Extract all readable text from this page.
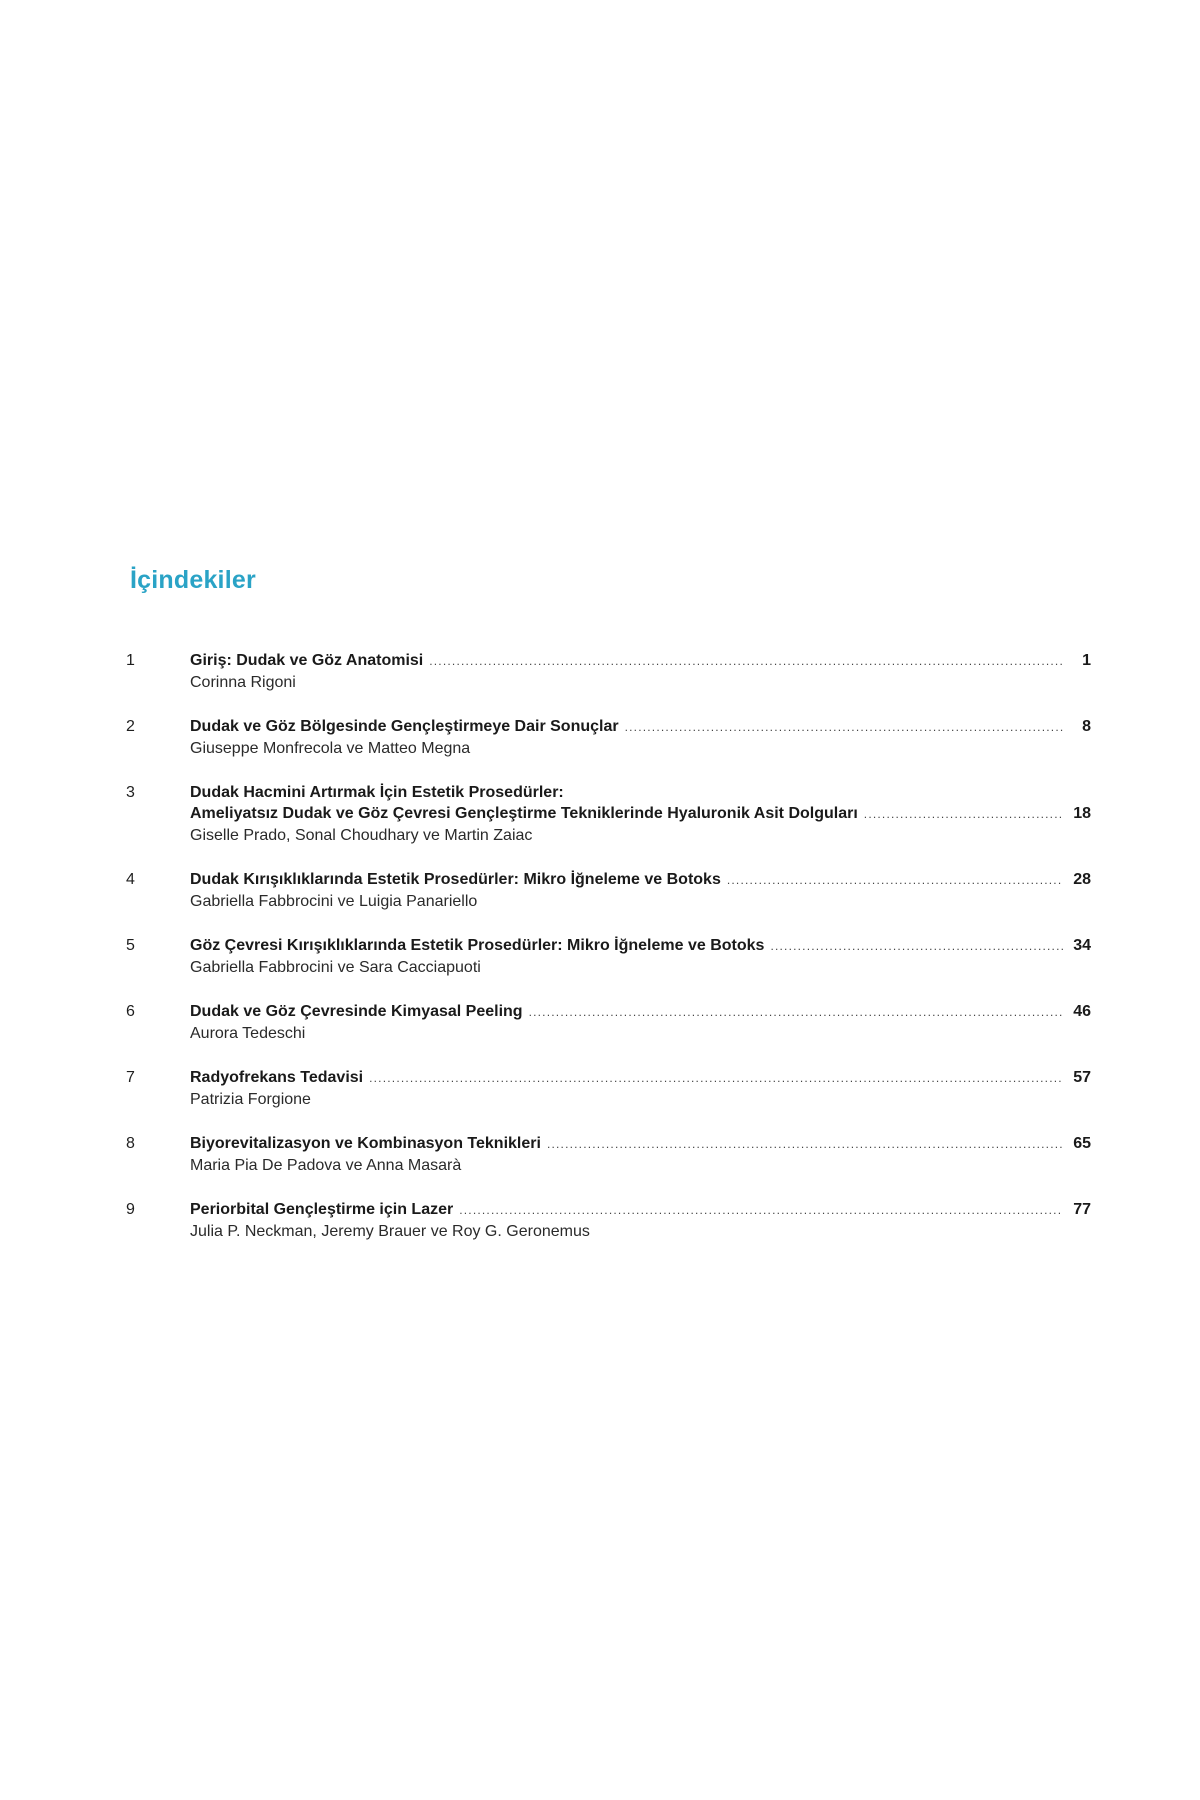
İçindekiler
1	Giriş: Dudak ve Göz Anatomisi .....	1
Corinna Rigoni
2	Dudak ve Göz Bölgesinde Gençleştirmeye Dair Sonuçlar .....	8
Giuseppe Monfrecola ve Matteo Megna
3	Dudak Hacmini Artırmak İçin Estetik Prosedürler:
Ameliyatsız Dudak ve Göz Çevresi Gençleştirme Tekniklerinde Hyaluronik Asit Dolguları .....	18
Giselle Prado, Sonal Choudhary ve Martin Zaiac
4	Dudak Kırışıklıklarında Estetik Prosedürler: Mikro İğneleme ve Botoks .....	28
Gabriella Fabbrocini ve Luigia Panariello
5	Göz Çevresi Kırışıklıklarında Estetik Prosedürler: Mikro İğneleme ve Botoks .....	34
Gabriella Fabbrocini ve Sara Cacciapuoti
6	Dudak ve Göz Çevresinde Kimyasal Peeling .....	46
Aurora Tedeschi
7	Radyofrekans Tedavisi .....	57
Patrizia Forgione
8	Biyorevitalizasyon ve Kombinasyon Teknikleri .....	65
Maria Pia De Padova ve Anna Masarà
9	Periorbital Gençleştirme için Lazer .....	77
Julia P. Neckman, Jeremy Brauer ve Roy G. Geronemus
